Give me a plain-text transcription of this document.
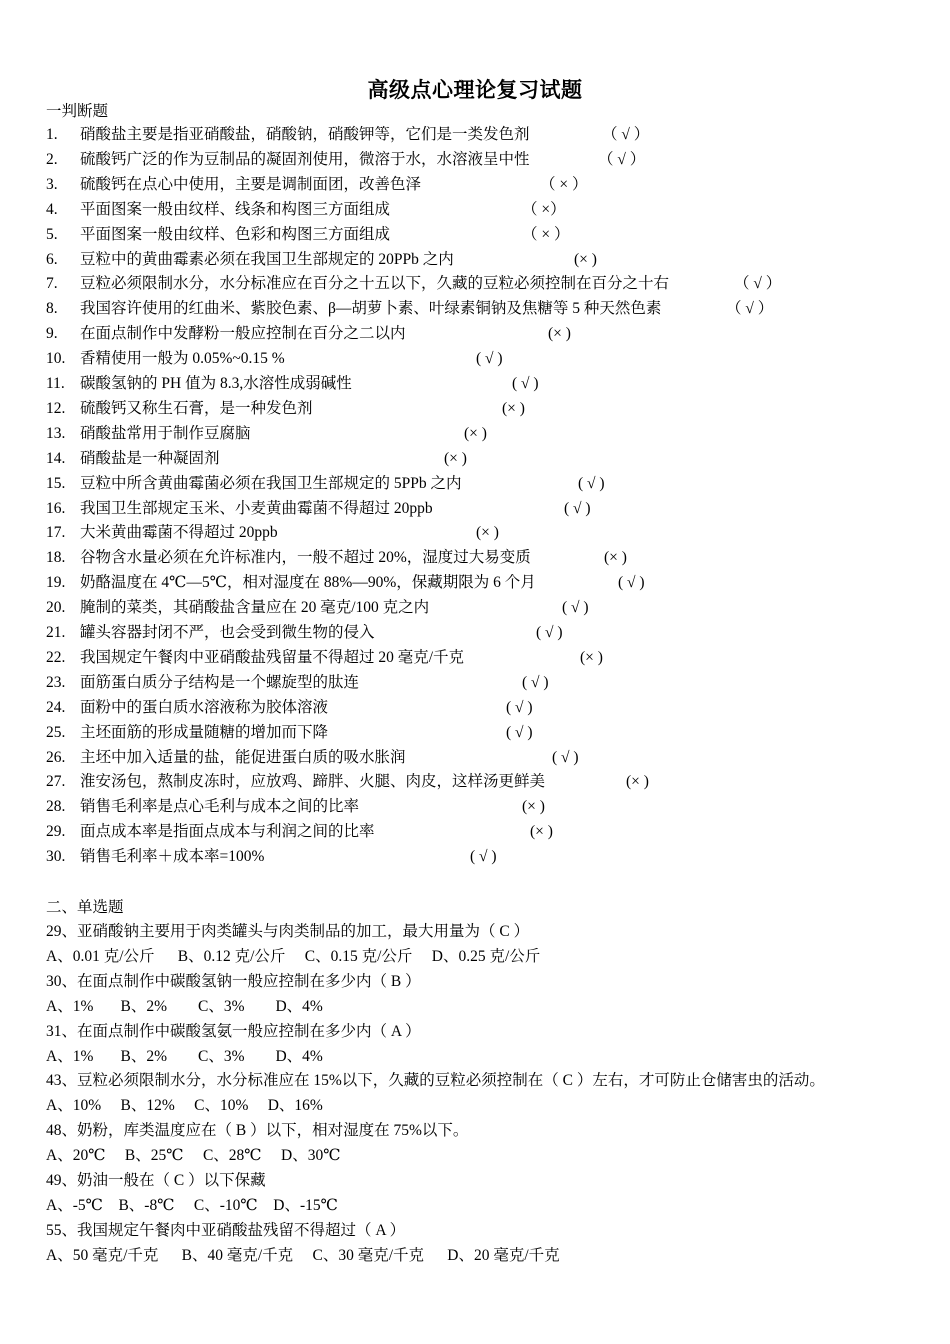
高级点心理论复习试题
一判断题
1. 硝酸盐主要是指亚硝酸盐，硝酸钠，硝酸钾等，它们是一类发色剂	（ √ ）
2. 硫酸钙广泛的作为豆制品的凝固剂使用，微溶于水，水溶液呈中性	（ √ ）
3. 硫酸钙在点心中使用，主要是调制面团，改善色泽	（ × ）
4. 平面图案一般由纹样、线条和构图三方面组成	（ ×）
5. 平面图案一般由纹样、色彩和构图三方面组成	（ × ）
6. 豆粒中的黄曲霉素必须在我国卫生部规定的 20PPb 之内	(× )
7. 豆粒必须限制水分，水分标准应在百分之十五以下，久藏的豆粒必须控制在百分之十右	（ √ ）
8. 我国容许使用的红曲米、紫胶色素、β—胡萝卜素、叶绿素铜钠及焦糖等 5 种天然色素	（ √ ）
9. 在面点制作中发酵粉一般应控制在百分之二以内	(× )
10. 香精使用一般为 0.05%~0.15 %	( √ )
11. 碳酸氢钠的 PH 值为 8.3,水溶性成弱碱性	( √ )
12. 硫酸钙又称生石膏，是一种发色剂	(× )
13. 硝酸盐常用于制作豆腐脑	(× )
14. 硝酸盐是一种凝固剂	(× )
15. 豆粒中所含黄曲霉菌必须在我国卫生部规定的 5PPb 之内	( √ )
16. 我国卫生部规定玉米、小麦黄曲霉菌不得超过 20ppb	( √ )
17. 大米黄曲霉菌不得超过 20ppb	(× )
18. 谷物含水量必须在允许标准内，一般不超过 20%，湿度过大易变质	(× )
19. 奶酪温度在 4℃—5℃，相对湿度在 88%—90%，保藏期限为 6 个月	( √ )
20. 腌制的菜类，其硝酸盐含量应在 20 毫克/100 克之内	( √ )
21. 罐头容器封闭不严，也会受到微生物的侵入	( √ )
22. 我国规定午餐肉中亚硝酸盐残留量不得超过 20 毫克/千克	(× )
23. 面筋蛋白质分子结构是一个螺旋型的肽连	( √ )
24. 面粉中的蛋白质水溶液称为胶体溶液	( √ )
25. 主坯面筋的形成量随糖的增加而下降	( √ )
26. 主坯中加入适量的盐，能促进蛋白质的吸水胀润	( √ )
27. 淮安汤包，熬制皮冻时，应放鸡、蹄胖、火腿、肉皮，这样汤更鲜美	(× )
28. 销售毛利率是点心毛利与成本之间的比率	(× )
29. 面点成本率是指面点成本与利润之间的比率	(× )
30. 销售毛利率＋成本率=100%	( √ )
二、单选题
29、亚硝酸钠主要用于肉类罐头与肉类制品的加工，最大用量为（ C ）
A、0.01 克/公斤      B、0.12 克/公斤     C、0.15 克/公斤     D、0.25 克/公斤
30、在面点制作中碳酸氢钠一般应控制在多少内（ B ）
A、1%       B、2%        C、3%        D、4%
31、在面点制作中碳酸氢氨一般应控制在多少内（ A ）
A、1%       B、2%        C、3%        D、4%
43、豆粒必须限制水分，水分标准应在 15%以下，久藏的豆粒必须控制在（ C ）左右，才可防止仓储害虫的活动。
A、10%     B、12%     C、10%     D、16%
48、奶粉，库类温度应在（ B ）以下，相对湿度在 75%以下。
A、20℃     B、25℃     C、28℃     D、30℃
49、奶油一般在（ C ）以下保藏
A、-5℃    B、-8℃     C、-10℃    D、-15℃
55、我国规定午餐肉中亚硝酸盐残留不得超过（ A ）
A、50 毫克/千克      B、40 毫克/千克     C、30 毫克/千克      D、20 毫克/千克
